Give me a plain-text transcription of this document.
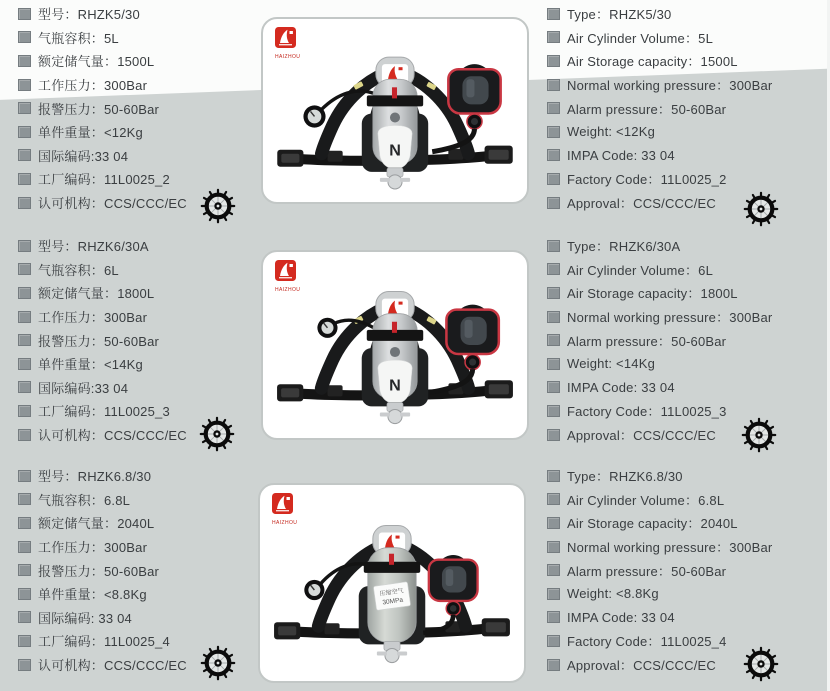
型号：RHZK5/30
气瓶容积：5L
额定储气量：1500L
工作压力：300Bar
报警压力：50-60Bar
单件重量：<12Kg
国际编码:33 04
工厂编码：11L0025_2
认可机构：CCS/CCC/EC
Type：RHZK5/30
Air Cylinder Volume：5L
Air Storage capacity：1500L
Normal working pressure：300Bar
Alarm pressure：50-60Bar
Weight: <12Kg
IMPA Code: 33 04
Factory Code：11L0025_2
Approval：CCS/CCC/EC
HAIZHOU
N
型号：RHZK6/30A
气瓶容积：6L
额定储气量：1800L
工作压力：300Bar
报警压力：50-60Bar
单件重量：<14Kg
国际编码:33 04
工厂编码：11L0025_3
认可机构：CCS/CCC/EC
Type：RHZK6/30A
Air Cylinder Volume：6L
Air Storage capacity：1800L
Normal working pressure：300Bar
Alarm pressure：50-60Bar
Weight: <14Kg
IMPA Code: 33 04
Factory Code：11L0025_3
Approval：CCS/CCC/EC
HAIZHOU
N
型号：RHZK6.8/30
气瓶容积：6.8L
额定储气量：2040L
工作压力：300Bar
报警压力：50-60Bar
单件重量：<8.8Kg
国际编码: 33 04
工厂编码：11L0025_4
认可机构：CCS/CCC/EC
Type：RHZK6.8/30
Air Cylinder Volume：6.8L
Air Storage capacity：2040L
Normal working pressure：300Bar
Alarm pressure：50-60Bar
Weight: <8.8Kg
IMPA Code: 33 04
Factory Code：11L0025_4
Approval：CCS/CCC/EC
HAIZHOU
压缩空气
30MPa
